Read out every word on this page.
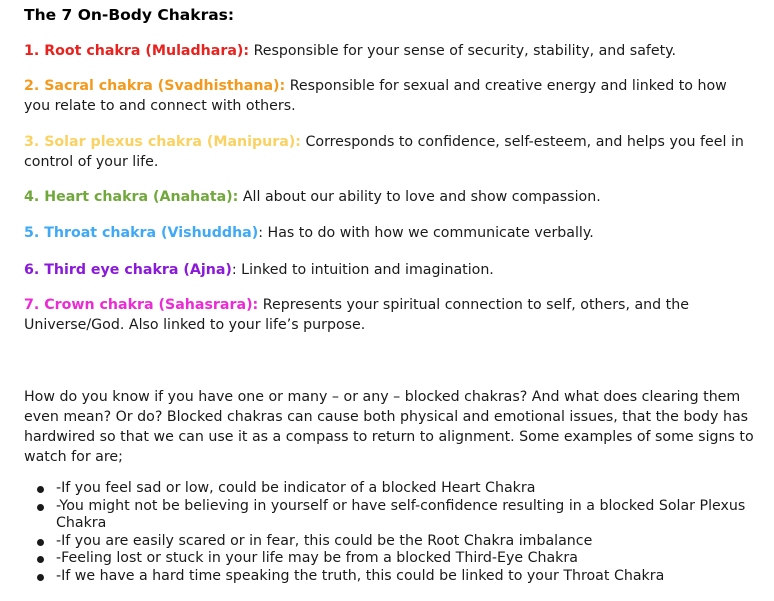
The 7 On-Body Chakras:
1. Root chakra (Muladhara): Responsible for your sense of security, stability, and safety.
2. Sacral chakra (Svadhisthana): Responsible for sexual and creative energy and linked to how you relate to and connect with others.
3. Solar plexus chakra (Manipura): Corresponds to confidence, self-esteem, and helps you feel in control of your life.
4. Heart chakra (Anahata): All about our ability to love and show compassion.
5. Throat chakra (Vishuddha): Has to do with how we communicate verbally.
6. Third eye chakra (Ajna): Linked to intuition and imagination.
7. Crown chakra (Sahasrara): Represents your spiritual connection to self, others, and the Universe/God. Also linked to your life’s purpose.
How do you know if you have one or many – or any – blocked chakras? And what does clearing them even mean? Or do? Blocked chakras can cause both physical and emotional issues, that the body has hardwired so that we can use it as a compass to return to alignment. Some examples of some signs to watch for are;
-If you feel sad or low, could be indicator of a blocked Heart Chakra
-You might not be believing in yourself or have self-confidence resulting in a blocked Solar Plexus Chakra
-If you are easily scared or in fear, this could be the Root Chakra imbalance
-Feeling lost or stuck in your life may be from a blocked Third-Eye Chakra
-If we have a hard time speaking the truth, this could be linked to your Throat Chakra
